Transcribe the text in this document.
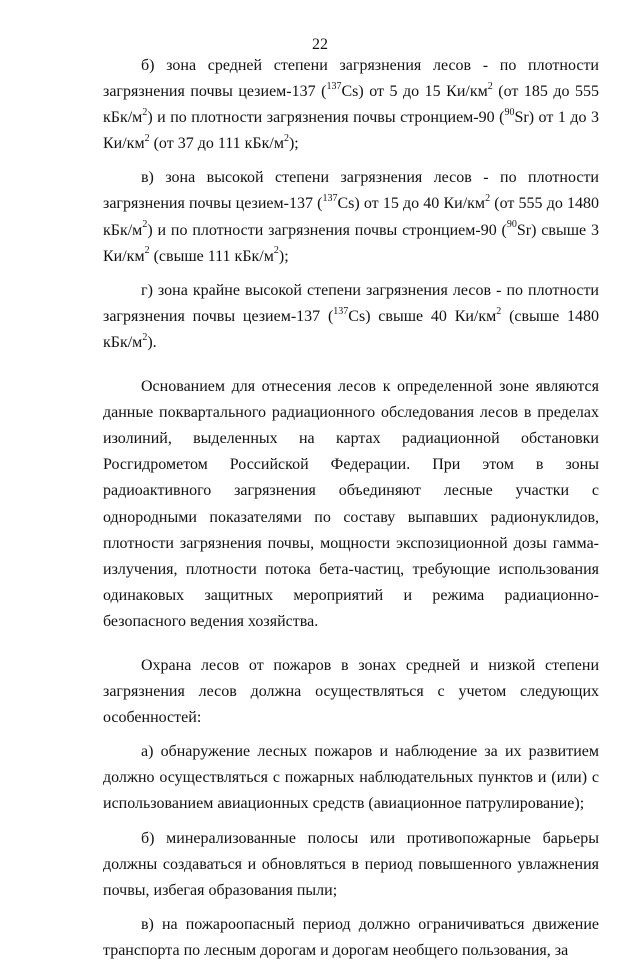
22

б) зона средней степени загрязнения лесов - по плотности загрязнения почвы цезием-137 ($^{137}$Cs) от 5 до 15 $Ки/км^2$ (от 185 до 555 кБк/$м^2$) и по плотности загрязнения почвы стронцием-90 ($^{90}$Sr) от 1 до 3 $Ки/км^2$ (от 37 до 111 кБк/$м^2$);

в) зона высокой степени загрязнения лесов - по плотности загрязнения почвы цезием-137 ($^{137}$Cs) от 15 до 40 $Ки/км^2$ (от 555 до 1480 кБк/$м^2$) и по плотности загрязнения почвы стронцием-90 ($^{90}$Sr) свыше 3 $Ки/км^2$ (свыше 111 кБк/$м^2$);

г) зона крайне высокой степени загрязнения лесов - по плотности загрязнения почвы цезием-137 ($^{137}$Cs) свыше 40 $Ки/км^2$ (свыше 1480 кБк/$м^2$).

Основанием для отнесения лесов к определенной зоне являются данные поквартального радиационного обследования лесов в пределах изолиний, выделенных на картах радиационной обстановки Росгидрометом Российской Федерации. При этом в зоны радиоактивного загрязнения объединяют лесные участки с однородными показателями по составу выпавших радионуклидов, плотности загрязнения почвы, мощности экспозиционной дозы гамма-излучения, плотности потока бета-частиц, требующие использования одинаковых защитных мероприятий и режима радиационно-безопасного ведения хозяйства.

Охрана лесов от пожаров в зонах средней и низкой степени загрязнения лесов должна осуществляться с учетом следующих особенностей:

а) обнаружение лесных пожаров и наблюдение за их развитием должно осуществляться с пожарных наблюдательных пунктов и (или) с использованием авиационных средств (авиационное патрулирование);

б) минерализованные полосы или противопожарные барьеры должны создаваться и обновляться в период повышенного увлажнения почвы, избегая образования пыли;

в) на пожароопасный период должно ограничиваться движение транспорта по лесным дорогам и дорогам необщего пользования, за
